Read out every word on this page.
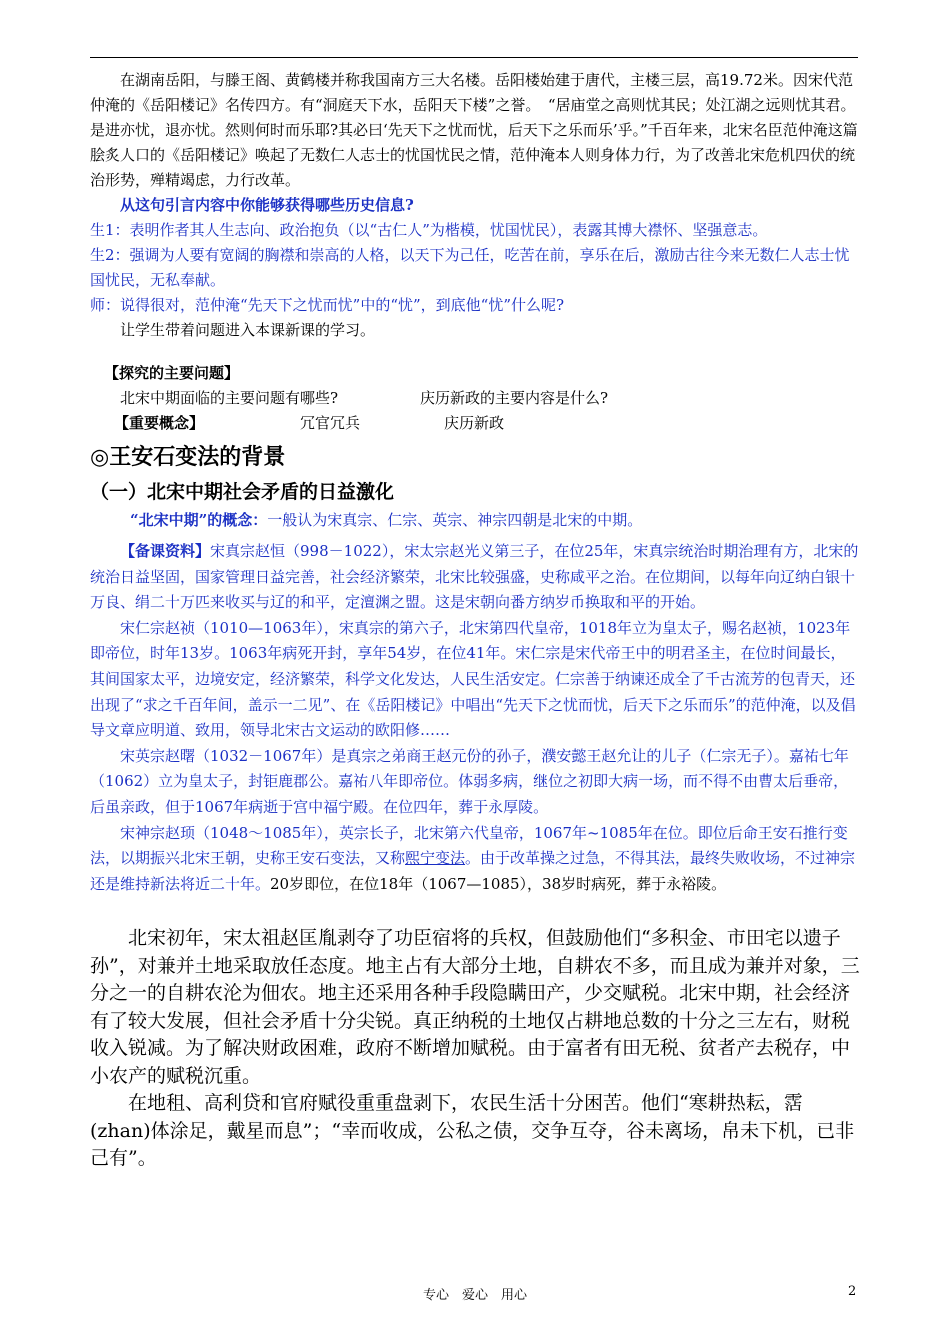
在湖南岳阳，与滕王阁、黄鹤楼并称我国南方三大名楼。岳阳楼始建于唐代，主楼三层，高19.72米。因宋代范仲淹的《岳阳楼记》名传四方。有“洞庭天下水，岳阳天下楼”之誉。　“居庙堂之高则忧其民；处江湖之远则忧其君。是进亦忧，退亦忧。然则何时而乐耶?其必曰‘先天下之忧而忧，后天下之乐而乐’乎。”千百年来，北宋名臣范仲淹这篇脍炙人口的《岳阳楼记》唤起了无数仁人志士的忧国忧民之情，范仲淹本人则身体力行，为了改善北宋危机四伏的统治形势，殚精竭虑，力行改革。

从这句引言内容中你能够获得哪些历史信息?

生1：表明作者其人生志向、政治抱负（以“古仁人”为楷模，忧国忧民），表露其博大襟怀、坚强意志。

生2：强调为人要有宽阔的胸襟和崇高的人格，以天下为己任，吃苦在前，享乐在后，激励古往今来无数仁人志士忧国忧民，无私奉献。

师：说得很对，范仲淹“先天下之忧而忧”中的“忧”，到底他“忧”什么呢?

让学生带着问题进入本课新课的学习。

【探究的主要问题】

北宋中期面临的主要问题有哪些?	庆历新政的主要内容是什么?
【重要概念】	冗官冗兵	庆历新政

◎王安石变法的背景

（一）北宋中期社会矛盾的日益激化

“北宋中期”的概念：一般认为宋真宗、仁宗、英宗、神宗四朝是北宋的中期。

【备课资料】宋真宗赵恒（998－1022），宋太宗赵光义第三子，在位25年，宋真宗统治时期治理有方，北宋的统治日益坚固，国家管理日益完善，社会经济繁荣，北宋比较强盛，史称咸平之治。在位期间，以每年向辽纳白银十万良、绢二十万匹来收买与辽的和平，定澶渊之盟。这是宋朝向番方纳岁币换取和平的开始。

宋仁宗赵祯（1010—1063年），宋真宗的第六子，北宋第四代皇帝，1018年立为皇太子，赐名赵祯，1023年即帝位，时年13岁。1063年病死开封，享年54岁，在位41年。宋仁宗是宋代帝王中的明君圣主，在位时间最长，其间国家太平，边境安定，经济繁荣，科学文化发达，人民生活安定。仁宗善于纳谏还成全了千古流芳的包青天，还出现了“求之千百年间，盖示一二见”、在《岳阳楼记》中唱出“先天下之忧而忧，后天下之乐而乐”的范仲淹，以及倡导文章应明道、致用，领导北宋古文运动的欧阳修……

宋英宗赵曙（1032－1067年）是真宗之弟商王赵元份的孙子，濮安懿王赵允让的儿子（仁宗无子）。嘉祐七年（1062）立为皇太子，封钜鹿郡公。嘉祐八年即帝位。体弱多病，继位之初即大病一场，而不得不由曹太后垂帝，后虽亲政，但于1067年病逝于宫中福宁殿。在位四年，葬于永厚陵。

宋神宗赵顼（1048～1085年），英宗长子，北宋第六代皇帝，1067年~1085年在位。即位后命王安石推行变法，以期振兴北宋王朝，史称王安石变法，又称熙宁变法。由于改革操之过急，不得其法，最终失败收场，不过神宗还是维持新法将近二十年。20岁即位，在位18年（1067—1085），38岁时病死，葬于永裕陵。

北宋初年，宋太祖赵匡胤剥夺了功臣宿将的兵权，但鼓励他们“多积金、市田宅以遗子孙”，对兼并土地采取放任态度。地主占有大部分土地，自耕农不多，而且成为兼并对象，三分之一的自耕农沦为佃农。地主还采用各种手段隐瞒田产，少交赋税。北宋中期，社会经济有了较大发展，但社会矛盾十分尖锐。真正纳税的土地仅占耕地总数的十分之三左右，财税收入锐减。为了解决财政困难，政府不断增加赋税。由于富者有田无税、贫者产去税存，中小农产的赋税沉重。

在地租、高利贷和官府赋役重重盘剥下，农民生活十分困苦。他们“寒耕热耘，霑(zhan)体涂足，戴星而息”；“幸而收成，公私之债，交争互夺，谷未离场，帛未下机，已非己有”。

专心　爱心　用心	2
